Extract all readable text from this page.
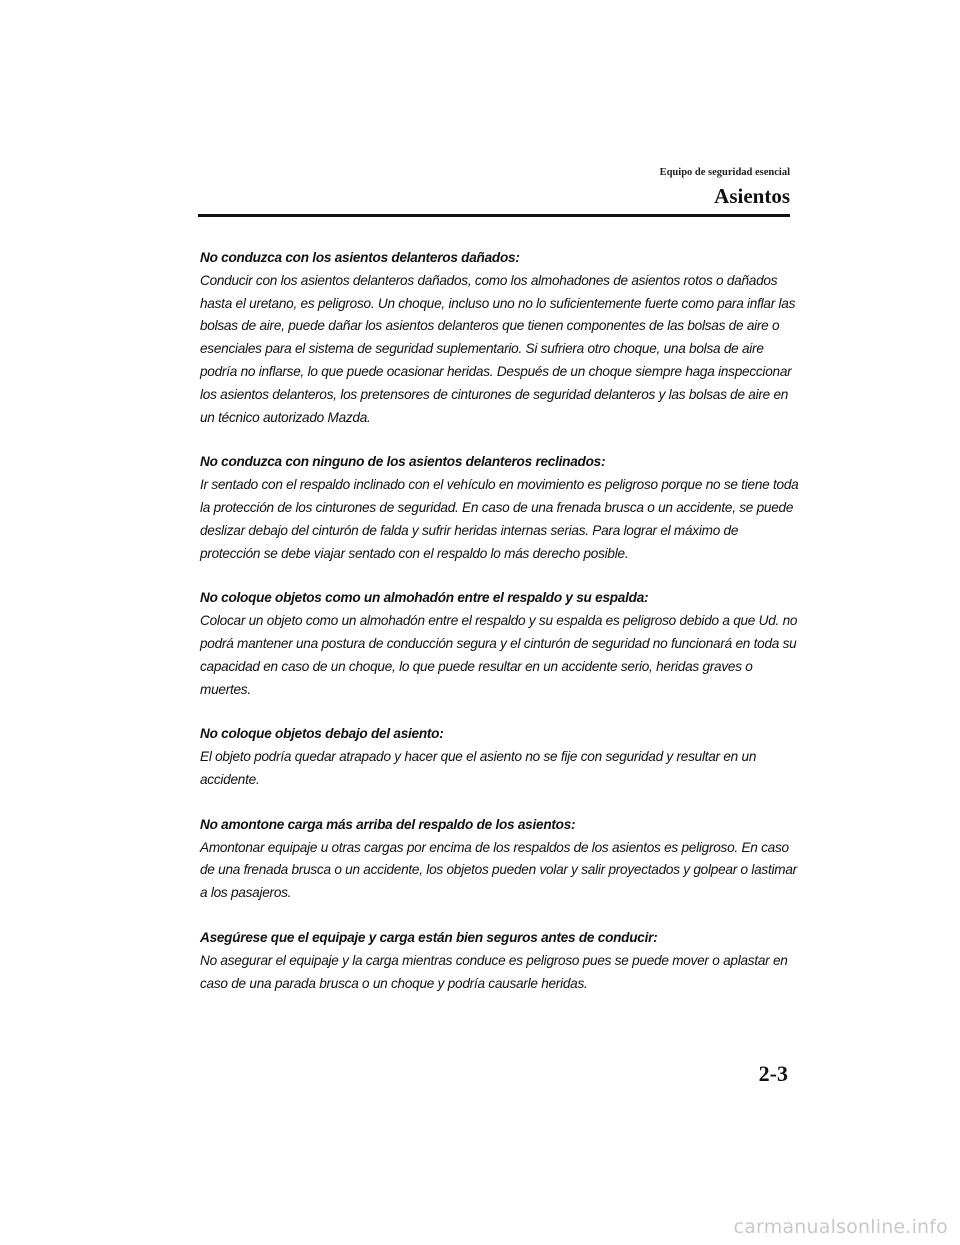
Equipo de seguridad esencial
Asientos
No conduzca con los asientos delanteros dañados:
Conducir con los asientos delanteros dañados, como los almohadones de asientos rotos o dañados hasta el uretano, es peligroso. Un choque, incluso uno no lo suficientemente fuerte como para inflar las bolsas de aire, puede dañar los asientos delanteros que tienen componentes de las bolsas de aire o esenciales para el sistema de seguridad suplementario. Si sufriera otro choque, una bolsa de aire podría no inflarse, lo que puede ocasionar heridas. Después de un choque siempre haga inspeccionar los asientos delanteros, los pretensores de cinturones de seguridad delanteros y las bolsas de aire en un técnico autorizado Mazda.
No conduzca con ninguno de los asientos delanteros reclinados:
Ir sentado con el respaldo inclinado con el vehículo en movimiento es peligroso porque no se tiene toda la protección de los cinturones de seguridad. En caso de una frenada brusca o un accidente, se puede deslizar debajo del cinturón de falda y sufrir heridas internas serias. Para lograr el máximo de protección se debe viajar sentado con el respaldo lo más derecho posible.
No coloque objetos como un almohadón entre el respaldo y su espalda:
Colocar un objeto como un almohadón entre el respaldo y su espalda es peligroso debido a que Ud. no podrá mantener una postura de conducción segura y el cinturón de seguridad no funcionará en toda su capacidad en caso de un choque, lo que puede resultar en un accidente serio, heridas graves o muertes.
No coloque objetos debajo del asiento:
El objeto podría quedar atrapado y hacer que el asiento no se fije con seguridad y resultar en un accidente.
No amontone carga más arriba del respaldo de los asientos:
Amontonar equipaje u otras cargas por encima de los respaldos de los asientos es peligroso. En caso de una frenada brusca o un accidente, los objetos pueden volar y salir proyectados y golpear o lastimar a los pasajeros.
Asegúrese que el equipaje y carga están bien seguros antes de conducir:
No asegurar el equipaje y la carga mientras conduce es peligroso pues se puede mover o aplastar en caso de una parada brusca o un choque y podría causarle heridas.
2-3
carmanualsonline.info
